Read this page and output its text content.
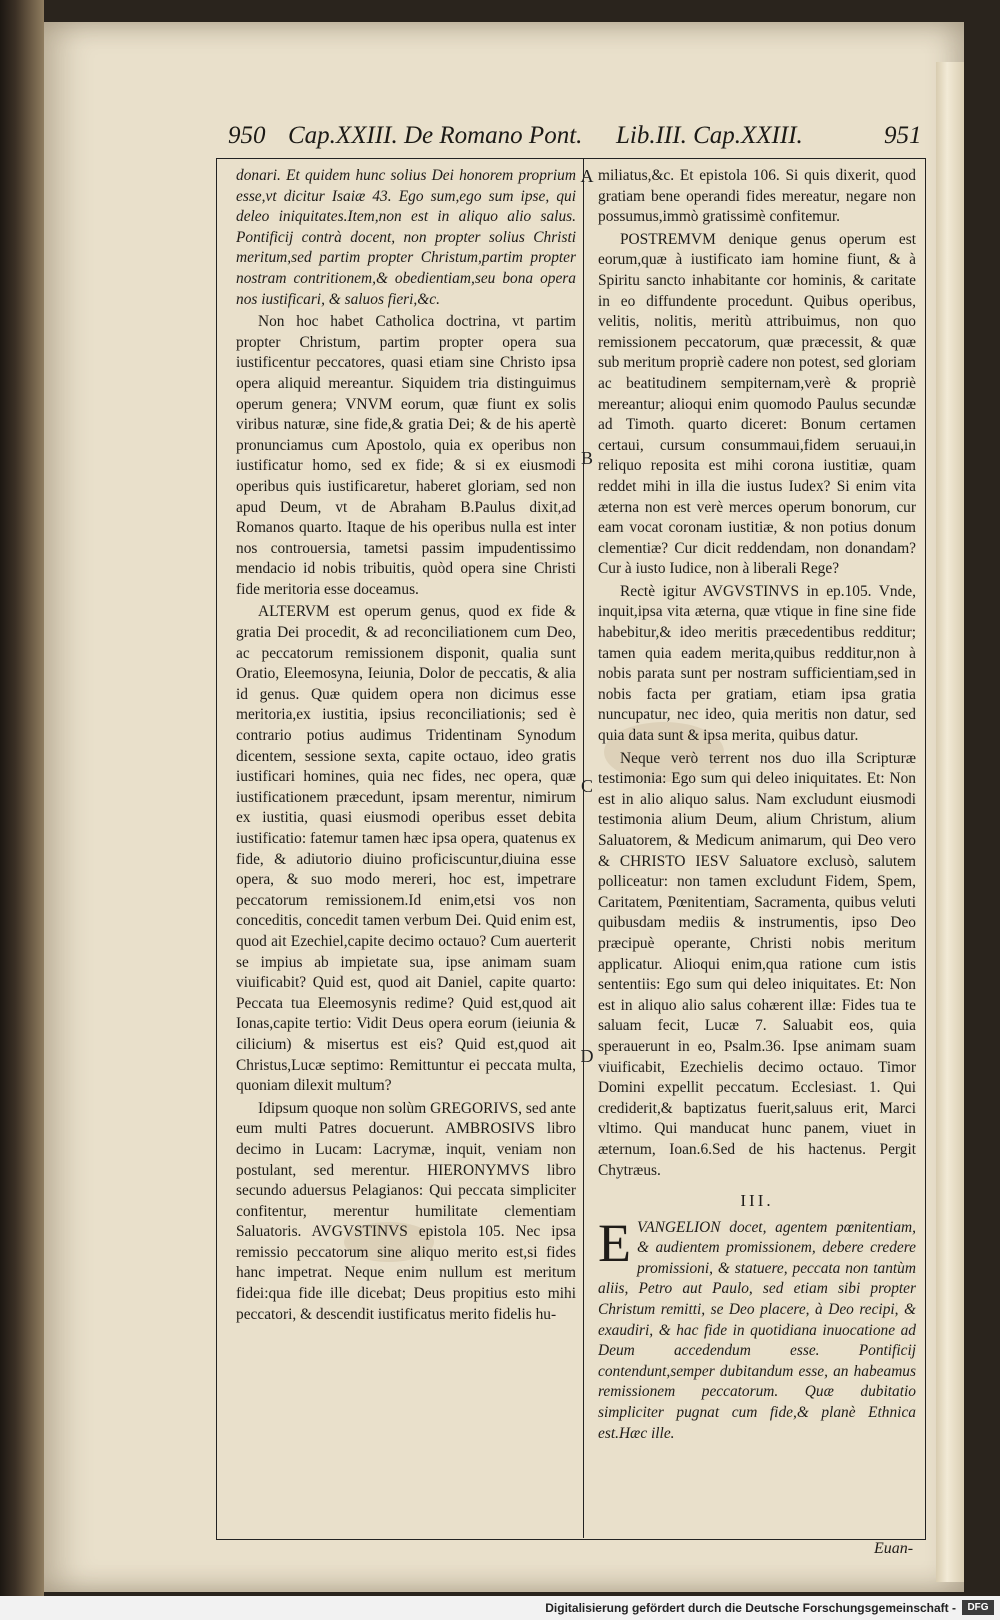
950 Cap.XXIII. De Romano Pont. Lib.III. Cap.XXIII.	951
A
B
C
D

donari. Et quidem hunc solius Dei honorem proprium esse,vt dicitur Isaiæ 43. Ego sum,ego sum ipse, qui deleo iniquitates.Item,non est in aliquo alio salus. Pontificij contrà docent, non propter solius Christi meritum,sed partim propter Christum,partim propter nostram contritionem,& obedientiam,seu bona opera nos iustificari, & saluos fieri,&c.

Non hoc habet Catholica doctrina, vt partim propter Christum, partim propter opera sua iustificentur peccatores, quasi etiam sine Christo ipsa opera aliquid mereantur. Siquidem tria distinguimus operum genera; VNVM eorum, quæ fiunt ex solis viribus naturæ, sine fide,& gratia Dei; & de his apertè pronunciamus cum Apostolo, quia ex operibus non iustificatur homo, sed ex fide; & si ex eiusmodi operibus quis iustificaretur, haberet gloriam, sed non apud Deum, vt de Abraham B.Paulus dixit,ad Romanos quarto. Itaque de his operibus nulla est inter nos controuersia, tametsi passim impudentissimo mendacio id nobis tribuitis, quòd opera sine Christi fide meritoria esse doceamus.

ALTERVM est operum genus, quod ex fide & gratia Dei procedit, & ad reconciliationem cum Deo, ac peccatorum remissionem disponit, qualia sunt Oratio, Eleemosyna, Ieiunia, Dolor de peccatis, & alia id genus. Quæ quidem opera non dicimus esse meritoria,ex iustitia, ipsius reconciliationis; sed è contrario potius audimus Tridentinam Synodum dicentem, sessione sexta, capite octauo, ideo gratis iustificari homines, quia nec fides, nec opera, quæ iustificationem præcedunt, ipsam merentur, nimirum ex iustitia, quasi eiusmodi operibus esset debita iustificatio: fatemur tamen hæc ipsa opera, quatenus ex fide, & adiutorio diuino proficiscuntur,diuina esse opera, & suo modo mereri, hoc est, impetrare peccatorum remissionem.Id enim,etsi vos non conceditis, concedit tamen verbum Dei. Quid enim est, quod ait Ezechiel,capite decimo octauo? Cum auerterit se impius ab impietate sua, ipse animam suam viuificabit? Quid est, quod ait Daniel, capite quarto: Peccata tua Eleemosynis redime? Quid est,quod ait Ionas,capite tertio: Vidit Deus opera eorum (ieiunia & cilicium) & misertus est eis? Quid est,quod ait Christus,Lucæ septimo: Remittuntur ei peccata multa, quoniam dilexit multum?

Idipsum quoque non solùm GREGORIVS, sed ante eum multi Patres docuerunt. AMBROSIVS libro decimo in Lucam: Lacrymæ, inquit, veniam non postulant, sed merentur. HIERONYMVS libro secundo aduersus Pelagianos: Qui peccata simpliciter confitentur, merentur humilitate clementiam Saluatoris. AVGVSTINVS epistola 105. Nec ipsa remissio peccatorum sine aliquo merito est,si fides hanc impetrat. Neque enim nullum est meritum fidei:qua fide ille dicebat; Deus propitius esto mihi peccatori, & descendit iustificatus merito fidelis hu-

miliatus,&c. Et epistola 106. Si quis dixerit, quod gratiam bene operandi fides mereatur, negare non possumus,immò gratissimè confitemur.

POSTREMVM denique genus operum est eorum,quæ à iustificato iam homine fiunt, & à Spiritu sancto inhabitante cor hominis, & caritate in eo diffundente procedunt. Quibus operibus, velitis, nolitis, meritù attribuimus, non quo remissionem peccatorum, quæ præcessit, & quæ sub meritum propriè cadere non potest, sed gloriam ac beatitudinem sempiternam,verè & propriè mereantur; alioqui enim quomodo Paulus secundæ ad Timoth. quarto diceret: Bonum certamen certaui, cursum consummaui,fidem seruaui,in reliquo reposita est mihi corona iustitiæ, quam reddet mihi in illa die iustus Iudex? Si enim vita æterna non est verè merces operum bonorum, cur eam vocat coronam iustitiæ, & non potius donum clementiæ? Cur dicit reddendam, non donandam? Cur à iusto Iudice, non à liberali Rege?

Rectè igitur AVGVSTINVS in ep.105. Vnde, inquit,ipsa vita æterna, quæ vtique in fine sine fide habebitur,& ideo meritis præcedentibus redditur; tamen quia eadem merita,quibus redditur,non à nobis parata sunt per nostram sufficientiam,sed in nobis facta per gratiam, etiam ipsa gratia nuncupatur, nec ideo, quia meritis non datur, sed quia data sunt & ipsa merita, quibus datur.

Neque verò terrent nos duo illa Scripturæ testimonia: Ego sum qui deleo iniquitates. Et: Non est in alio aliquo salus. Nam excludunt eiusmodi testimonia alium Deum, alium Christum, alium Saluatorem, & Medicum animarum, qui Deo vero & CHRISTO IESV Saluatore exclusò, salutem polliceatur: non tamen excludunt Fidem, Spem, Caritatem, Pœnitentiam, Sacramenta, quibus veluti quibusdam mediis & instrumentis, ipso Deo præcipuè operante, Christi nobis meritum applicatur. Alioqui enim,qua ratione cum istis sententiis: Ego sum qui deleo iniquitates. Et: Non est in aliquo alio salus cohærent illæ: Fides tua te saluam fecit, Lucæ 7. Saluabit eos, quia sperauerunt in eo, Psalm.36. Ipse animam suam viuificabit, Ezechielis decimo octauo. Timor Domini expellit peccatum. Ecclesiast. 1. Qui crediderit,& baptizatus fuerit,saluus erit, Marci vltimo. Qui manducat hunc panem, viuet in æternum, Ioan.6.Sed de his hactenus. Pergit Chytræus.

III.

E VANGELION docet, agentem pœnitentiam, & audientem promissionem, debere credere promissioni, & statuere, peccata non tantùm aliis, Petro aut Paulo, sed etiam sibi propter Christum remitti, se Deo placere, à Deo recipi, & exaudiri, & hac fide in quotidiana inuocatione ad Deum accedendum esse. Pontificij contendunt,semper dubitandum esse, an habeamus remissionem peccatorum. Quæ dubitatio simpliciter pugnat cum fide,& planè Ethnica est.Hæc ille.

Euan-
Digitalisierung gefördert durch die Deutsche Forschungsgemeinschaft -	DFG
